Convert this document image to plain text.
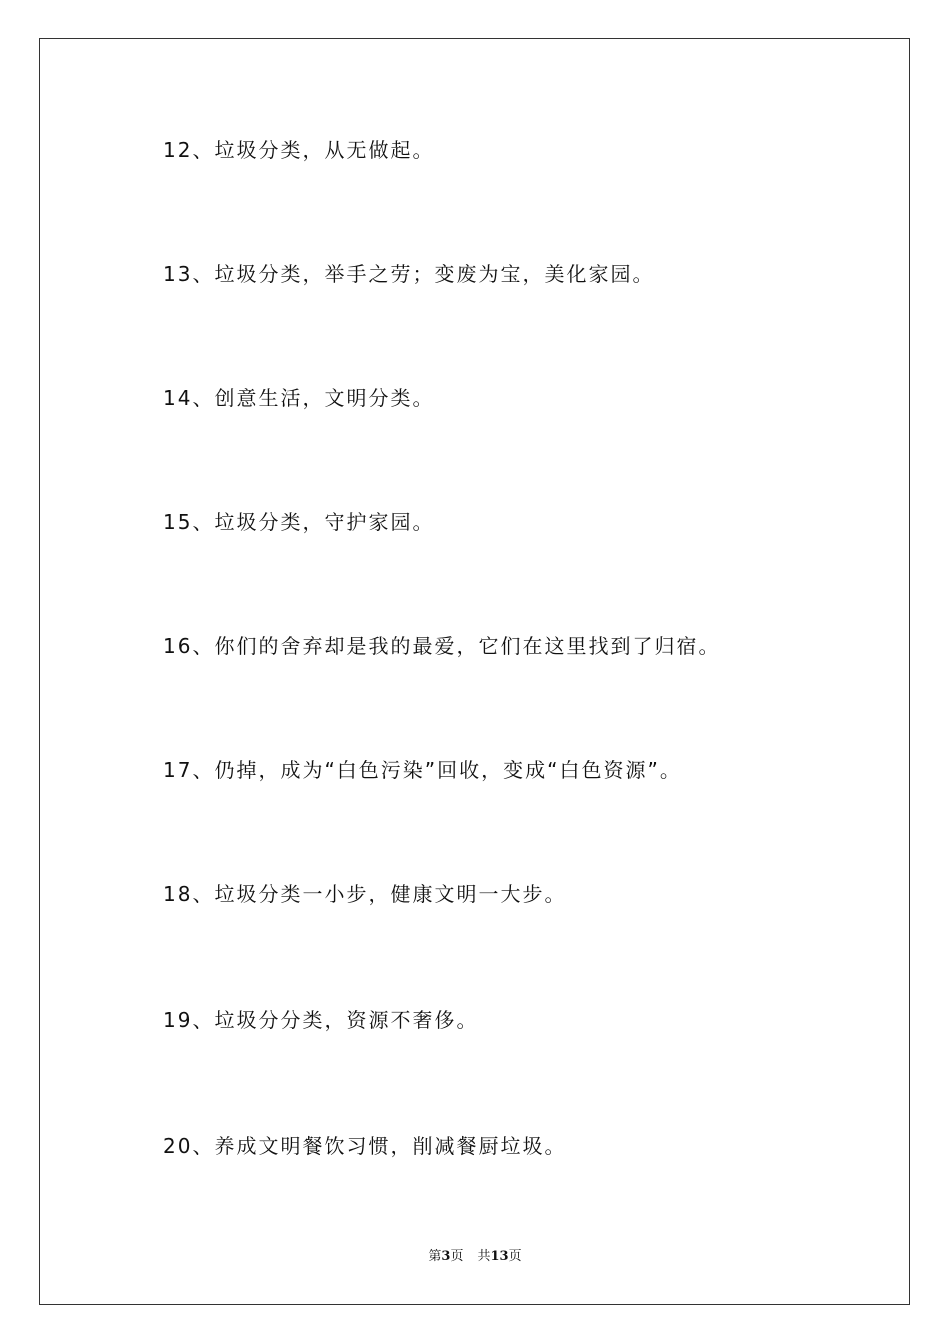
12、垃圾分类，从无做起。
13、垃圾分类，举手之劳；变废为宝，美化家园。
14、创意生活，文明分类。
15、垃圾分类，守护家园。
16、你们的舍弃却是我的最爱，它们在这里找到了归宿。
17、仍掉，成为“白色污染”回收，变成“白色资源”。
18、垃圾分类一小步，健康文明一大步。
19、垃圾分分类，资源不奢侈。
20、养成文明餐饮习惯，削减餐厨垃圾。
第3页 共13页
